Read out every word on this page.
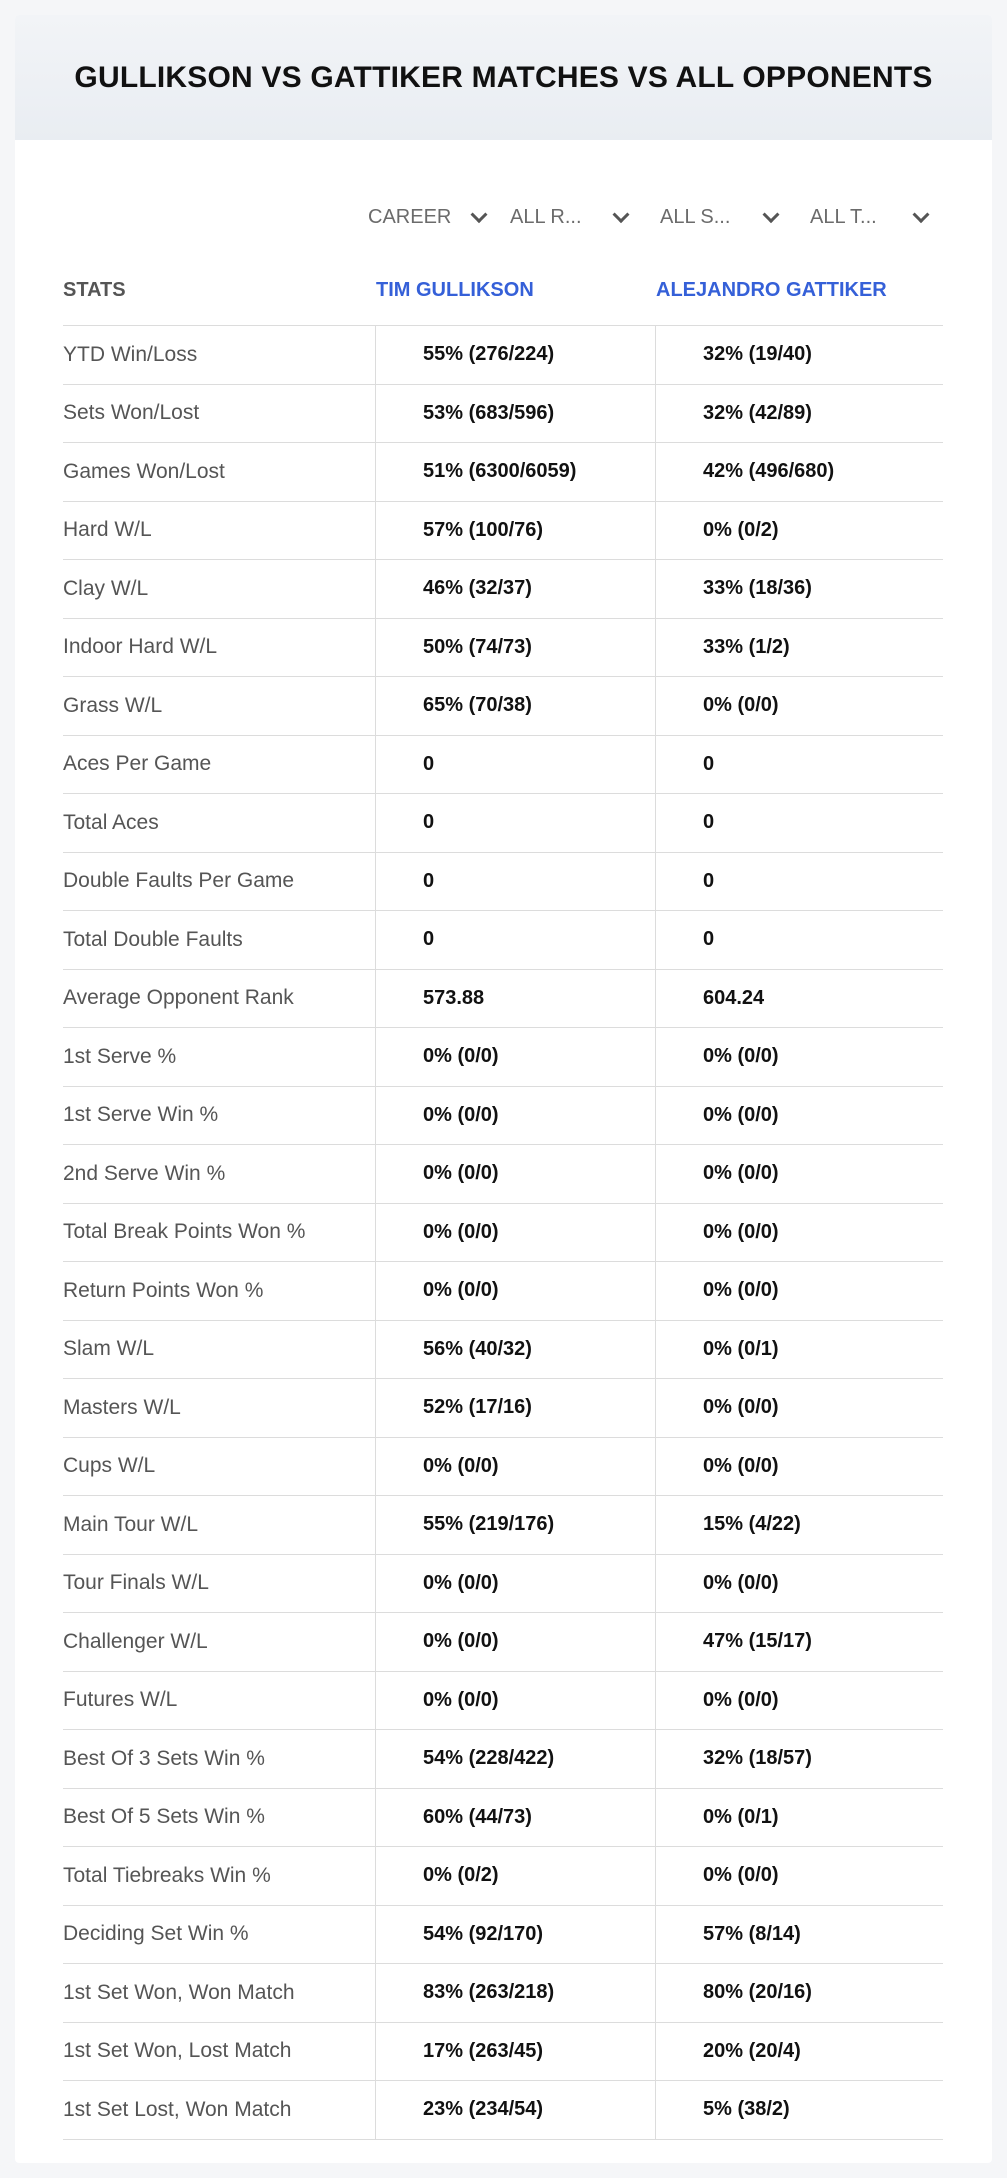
GULLIKSON VS GATTIKER MATCHES VS ALL OPPONENTS
CAREER	ALL R...	ALL S...	ALL T...
STATS	TIM GULLIKSON	ALEJANDRO GATTIKER
YTD Win/Loss	55% (276/224)	32% (19/40)
Sets Won/Lost	53% (683/596)	32% (42/89)
Games Won/Lost	51% (6300/6059)	42% (496/680)
Hard W/L	57% (100/76)	0% (0/2)
Clay W/L	46% (32/37)	33% (18/36)
Indoor Hard W/L	50% (74/73)	33% (1/2)
Grass W/L	65% (70/38)	0% (0/0)
Aces Per Game	0	0
Total Aces	0	0
Double Faults Per Game	0	0
Total Double Faults	0	0
Average Opponent Rank	573.88	604.24
1st Serve %	0% (0/0)	0% (0/0)
1st Serve Win %	0% (0/0)	0% (0/0)
2nd Serve Win %	0% (0/0)	0% (0/0)
Total Break Points Won %	0% (0/0)	0% (0/0)
Return Points Won %	0% (0/0)	0% (0/0)
Slam W/L	56% (40/32)	0% (0/1)
Masters W/L	52% (17/16)	0% (0/0)
Cups W/L	0% (0/0)	0% (0/0)
Main Tour W/L	55% (219/176)	15% (4/22)
Tour Finals W/L	0% (0/0)	0% (0/0)
Challenger W/L	0% (0/0)	47% (15/17)
Futures W/L	0% (0/0)	0% (0/0)
Best Of 3 Sets Win %	54% (228/422)	32% (18/57)
Best Of 5 Sets Win %	60% (44/73)	0% (0/1)
Total Tiebreaks Win %	0% (0/2)	0% (0/0)
Deciding Set Win %	54% (92/170)	57% (8/14)
1st Set Won, Won Match	83% (263/218)	80% (20/16)
1st Set Won, Lost Match	17% (263/45)	20% (20/4)
1st Set Lost, Won Match	23% (234/54)	5% (38/2)
